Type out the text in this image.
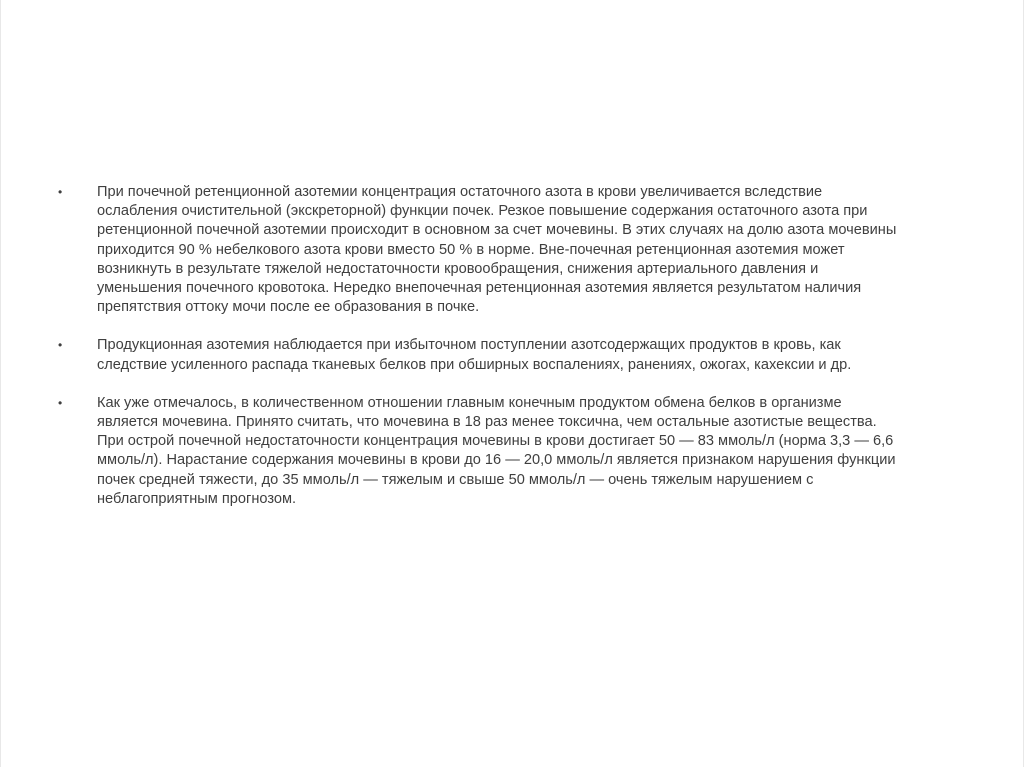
•	При почечной ретенционной азотемии концентрация остаточного азота в крови увеличивается вследствие
ослабления очистительной (экскреторной) функции почек. Резкое повышение содержания остаточного азота при
ретенционной почечной азотемии происходит в основном за счет мочевины. В этих случаях на долю азота мочевины
приходится 90 % небелкового азота крови вместо 50 % в норме. Вне-почечная ретенционная азотемия может
возникнуть в результате тяжелой недостаточности кровообращения, снижения артериального давления и
уменьшения почечного кровотока. Нередко внепочечная ретенционная азотемия является результатом наличия
препятствия оттоку мочи после ее образования в почке.
•	Продукционная азотемия наблюдается при избыточном поступлении азотсодержащих продуктов в кровь, как
следствие усиленного распада тканевых белков при обширных воспалениях, ранениях, ожогах, кахексии и др.
•	Как уже отмечалось, в количественном отношении главным конечным продуктом обмена белков в организме
является мочевина. Принято считать, что мочевина в 18 раз менее токсична, чем остальные азотистые вещества.
При острой почечной недостаточности концентрация мочевины в крови достигает 50 — 83 ммоль/л (норма 3,3 — 6,6
ммоль/л). Нарастание содержания мочевины в крови до 16 — 20,0 ммоль/л является признаком нарушения функции
почек средней тяжести, до 35 ммоль/л — тяжелым и свыше 50 ммоль/л — очень тяжелым нарушением с
неблагоприятным прогнозом.
